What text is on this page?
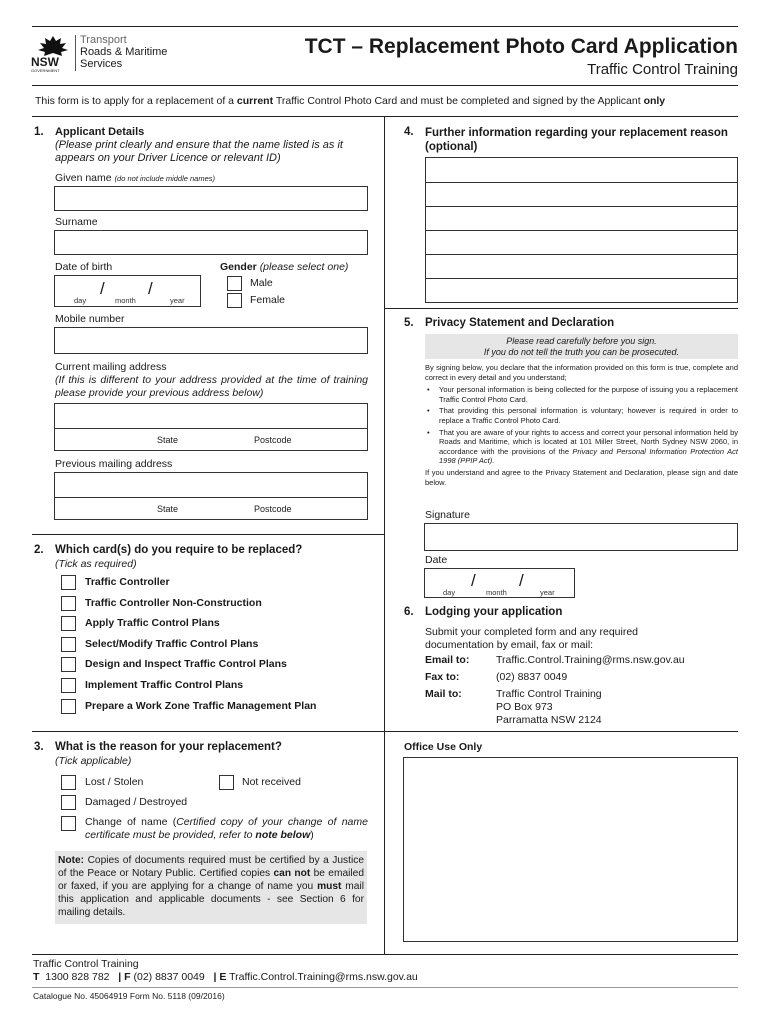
NSW
GOVERNMENT
Transport
Roads & Maritime
Services
TCT – Replacement Photo Card Application
Traffic Control Training
This form is to apply for a replacement of a current Traffic Control Photo Card and must be completed and signed by the Applicant only
1. Applicant Details
(Please print clearly and ensure that the name listed is as it appears on your Driver Licence or relevant ID)
Given name (do not include middle names)
Surname
Date of birth
/	/
day	month	year
Gender (please select one)
Male
Female
Mobile number
Current mailing address
(If this is different to your address provided at the time of training please provide your previous address below)
State	Postcode
Previous mailing address
State	Postcode
2. Which card(s) do you require to be replaced?
(Tick as required)
Traffic Controller
Traffic Controller Non-Construction
Apply Traffic Control Plans
Select/Modify Traffic Control Plans
Design and Inspect Traffic Control Plans
Implement Traffic Control Plans
Prepare a Work Zone Traffic Management Plan
3. What is the reason for your replacement?
(Tick applicable)
Lost / Stolen	Not received
Damaged / Destroyed
Change of name (Certified copy of your change of name certificate must be provided, refer to note below)
Note: Copies of documents required must be certified by a Justice of the Peace or Notary Public. Certified copies can not be emailed or faxed, if you are applying for a change of name you must mail this application and applicable documents - see Section 6 for mailing details.
4. Further information regarding your replacement reason (optional)
5. Privacy Statement and Declaration
Please read carefully before you sign.
If you do not tell the truth you can be prosecuted.
By signing below, you declare that the information provided on this form is true, complete and correct in every detail and you understand;
• Your personal information is being collected for the purpose of issuing you a replacement Traffic Control Photo Card.
• That providing this personal information is voluntary; however is required in order to replace a Traffic Control Photo Card.
• That you are aware of your rights to access and correct your personal information held by Roads and Maritime, which is located at 101 Miller Street, North Sydney NSW 2060, in accordance with the provisions of the Privacy and Personal Information Protection Act 1998 (PPIP Act).
If you understand and agree to the Privacy Statement and Declaration, please sign and date below.
Signature
Date
/	/
day	month	year
6. Lodging your application
Submit your completed form and any required documentation by email, fax or mail:
Email to:	Traffic.Control.Training@rms.nsw.gov.au
Fax to:	(02) 8837 0049
Mail to:	Traffic Control Training
PO Box 973
Parramatta NSW 2124
Office Use Only
Traffic Control Training
T 1300 828 782 | F (02) 8837 0049 | E Traffic.Control.Training@rms.nsw.gov.au
Catalogue No. 45064919 Form No. 5118 (09/2016)
